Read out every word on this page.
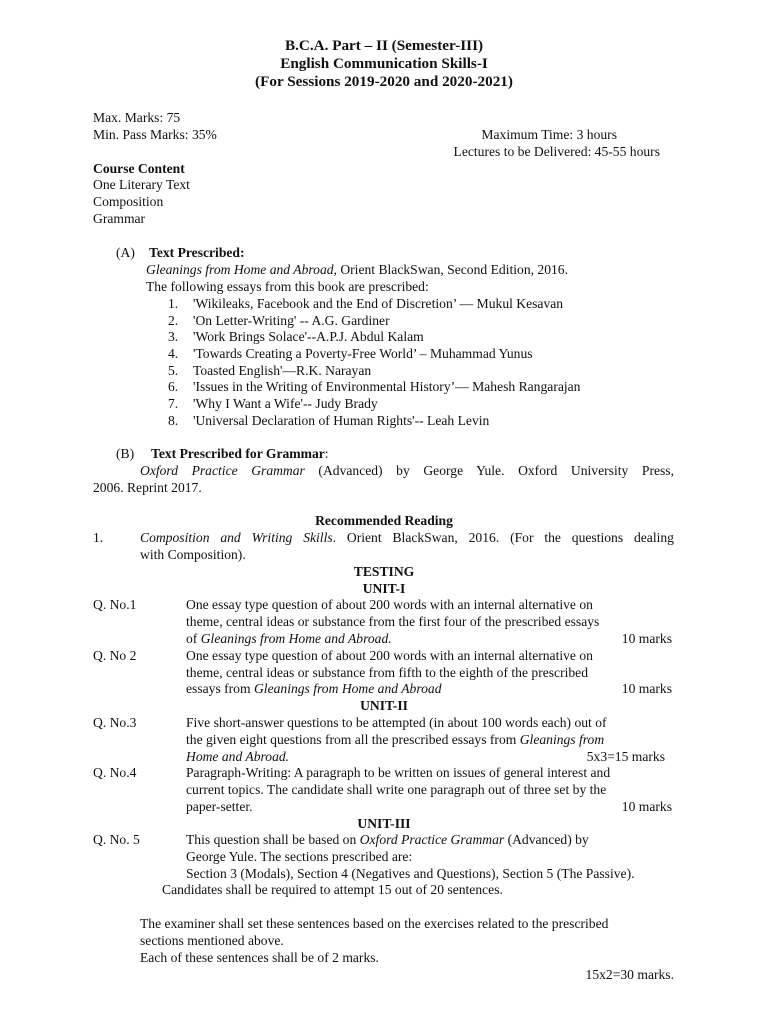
B.C.A. Part – II (Semester-III)
English Communication Skills-I
(For Sessions 2019-2020 and 2020-2021)
Max. Marks: 75
Min. Pass Marks: 35%	Maximum Time: 3 hours
Lectures to be Delivered: 45-55 hours
Course Content
One Literary Text
Composition
Grammar
(A) Text Prescribed:
Gleanings from Home and Abroad, Orient BlackSwan, Second Edition, 2016.
The following essays from this book are prescribed:
1. 'Wikileaks, Facebook and the End of Discretion’ — Mukul Kesavan
2. 'On Letter-Writing' -- A.G. Gardiner
3. 'Work Brings Solace'--A.P.J. Abdul Kalam
4. 'Towards Creating a Poverty-Free World’ – Muhammad Yunus
5. Toasted English'—R.K. Narayan
6. 'Issues in the Writing of Environmental History’— Mahesh Rangarajan
7. 'Why I Want a Wife'-- Judy Brady
8. 'Universal Declaration of Human Rights'-- Leah Levin
(B) Text Prescribed for Grammar:
Oxford Practice Grammar (Advanced) by George Yule. Oxford University Press,
2006. Reprint 2017.
Recommended Reading
1.	Composition and Writing Skills. Orient BlackSwan, 2016. (For the questions dealing
with Composition).
TESTING
UNIT-I
Q. No.1	One essay type question of about 200 words with an internal alternative on
theme, central ideas or substance from the first four of the prescribed essays
of Gleanings from Home and Abroad.	10 marks
Q. No 2	One essay type question of about 200 words with an internal alternative on
theme, central ideas or substance from fifth to the eighth of the prescribed
essays from Gleanings from Home and Abroad	10 marks
UNIT-II
Q. No.3	Five short-answer questions to be attempted (in about 100 words each) out of
the given eight questions from all the prescribed essays from Gleanings from
Home and Abroad.	5x3=15 marks
Q. No.4	Paragraph-Writing: A paragraph to be written on issues of general interest and
current topics. The candidate shall write one paragraph out of three set by the
paper-setter.	10 marks
UNIT-III
Q. No. 5	This question shall be based on Oxford Practice Grammar (Advanced) by
George Yule. The sections prescribed are:
Section 3 (Modals), Section 4 (Negatives and Questions), Section 5 (The Passive).
Candidates shall be required to attempt 15 out of 20 sentences.
The examiner shall set these sentences based on the exercises related to the prescribed
sections mentioned above.
Each of these sentences shall be of 2 marks.
15x2=30 marks.
